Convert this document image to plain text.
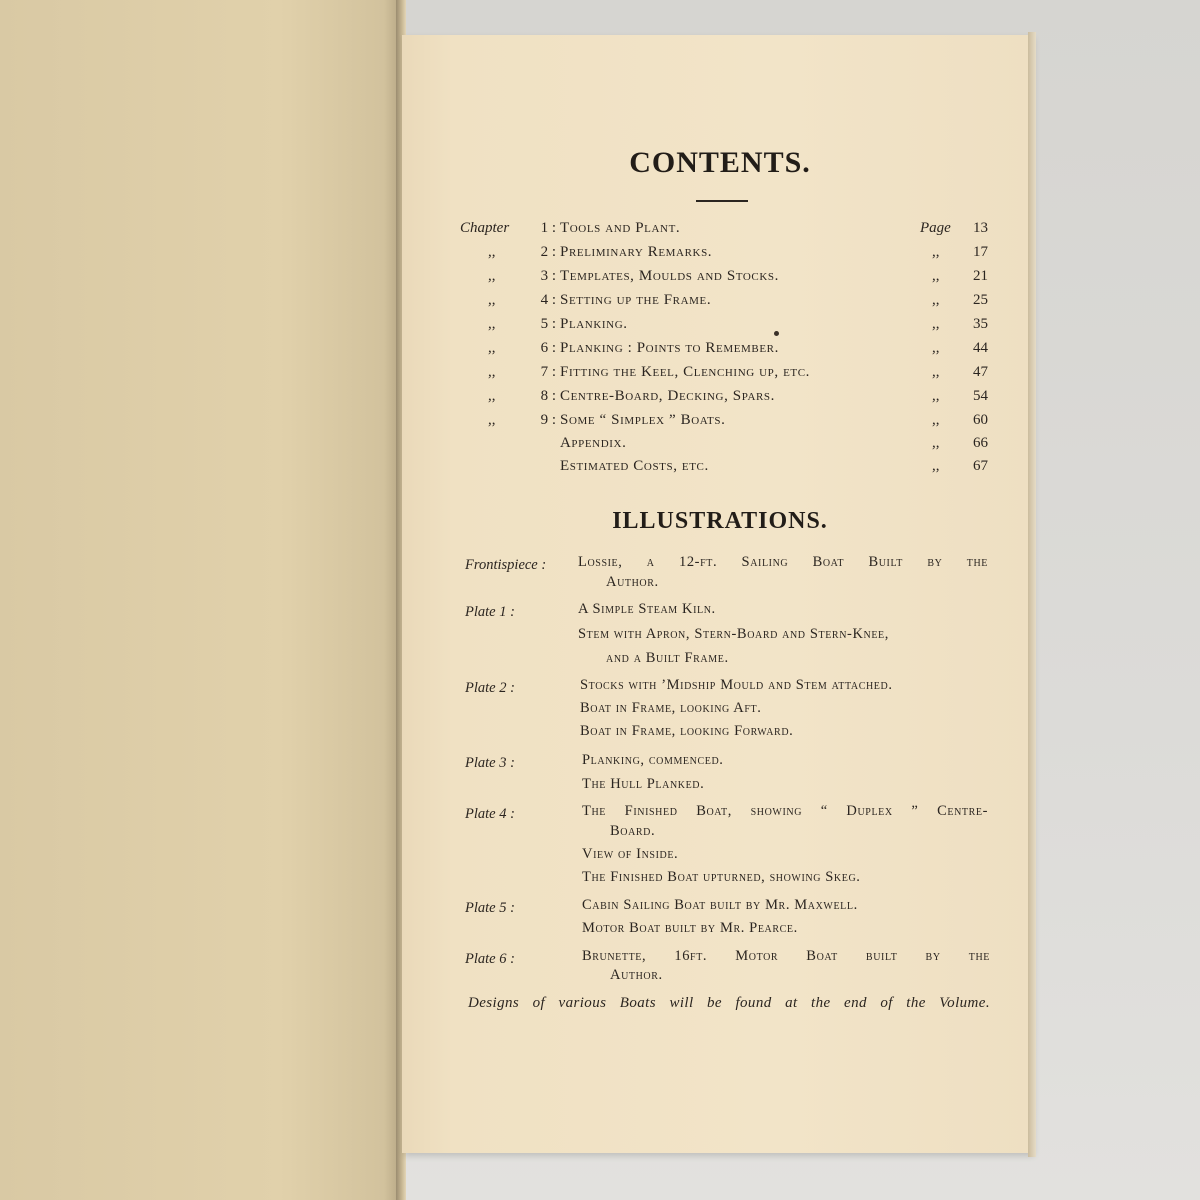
CONTENTS.
Chapter	1 : Tools and Plant.	Page	13
,,	2 : Preliminary Remarks.	,,	17
,,	3 : Templates, Moulds and Stocks.	,,	21
,,	4 : Setting up the Frame.	,,	25
,,	5 : Planking.	,,	35
,,	6 : Planking : Points to Remember.	,,	44
,,	7 : Fitting the Keel, Clenching up, etc.	,,	47
,,	8 : Centre-Board, Decking, Spars.	,,	54
,,	9 : Some “ Simplex ” Boats.	,,	60
Appendix.	,,	66
Estimated Costs, etc.	,,	67
ILLUSTRATIONS.
Frontispiece : Lossie, a 12-ft. Sailing Boat Built by the
Author.
Plate 1 :	A Simple Steam Kiln.
Stem with Apron, Stern-Board and Stern-Knee,
and a Built Frame.
Plate 2 :	Stocks with ’Midship Mould and Stem attached.
Boat in Frame, looking Aft.
Boat in Frame, looking Forward.
Plate 3 :	Planking, commenced.
The Hull Planked.
Plate 4 :	The Finished Boat, showing “ Duplex ” Centre-
Board.
View of Inside.
The Finished Boat upturned, showing Skeg.
Plate 5 :	Cabin Sailing Boat built by Mr. Maxwell.
Motor Boat built by Mr. Pearce.
Plate 6 :	Brunette, 16ft. Motor Boat built by the
Author.
Designs of various Boats will be found at the end of the Volume.
